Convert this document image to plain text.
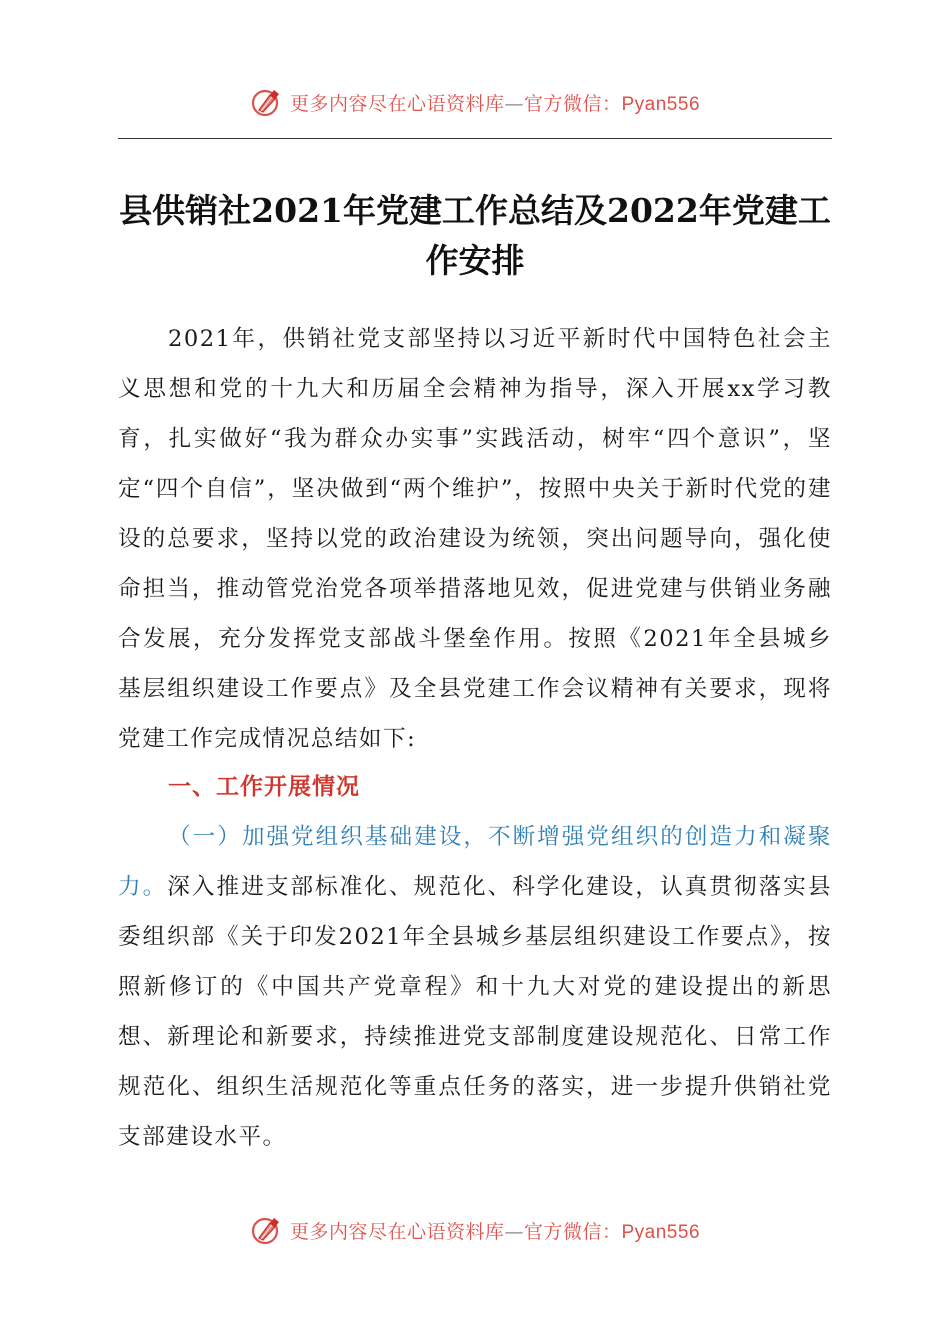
更多内容尽在心语资料库—官方微信：Pyan556
县供销社2021年党建工作总结及2022年党建工作安排

2021年，供销社党支部坚持以习近平新时代中国特色社会主义思想和党的十九大和历届全会精神为指导，深入开展xx学习教育，扎实做好“我为群众办实事”实践活动，树牢“四个意识”，坚定“四个自信”，坚决做到“两个维护”，按照中央关于新时代党的建设的总要求，坚持以党的政治建设为统领，突出问题导向，强化使命担当，推动管党治党各项举措落地见效，促进党建与供销业务融合发展，充分发挥党支部战斗堡垒作用。按照《2021年全县城乡基层组织建设工作要点》及全县党建工作会议精神有关要求，现将党建工作完成情况总结如下:

一、工作开展情况

（一）加强党组织基础建设，不断增强党组织的创造力和凝聚力。深入推进支部标准化、规范化、科学化建设，认真贯彻落实县委组织部《关于印发2021年全县城乡基层组织建设工作要点》，按照新修订的《中国共产党章程》和十九大对党的建设提出的新思想、新理论和新要求，持续推进党支部制度建设规范化、日常工作规范化、组织生活规范化等重点任务的落实，进一步提升供销社党支部建设水平。

更多内容尽在心语资料库—官方微信：Pyan556
